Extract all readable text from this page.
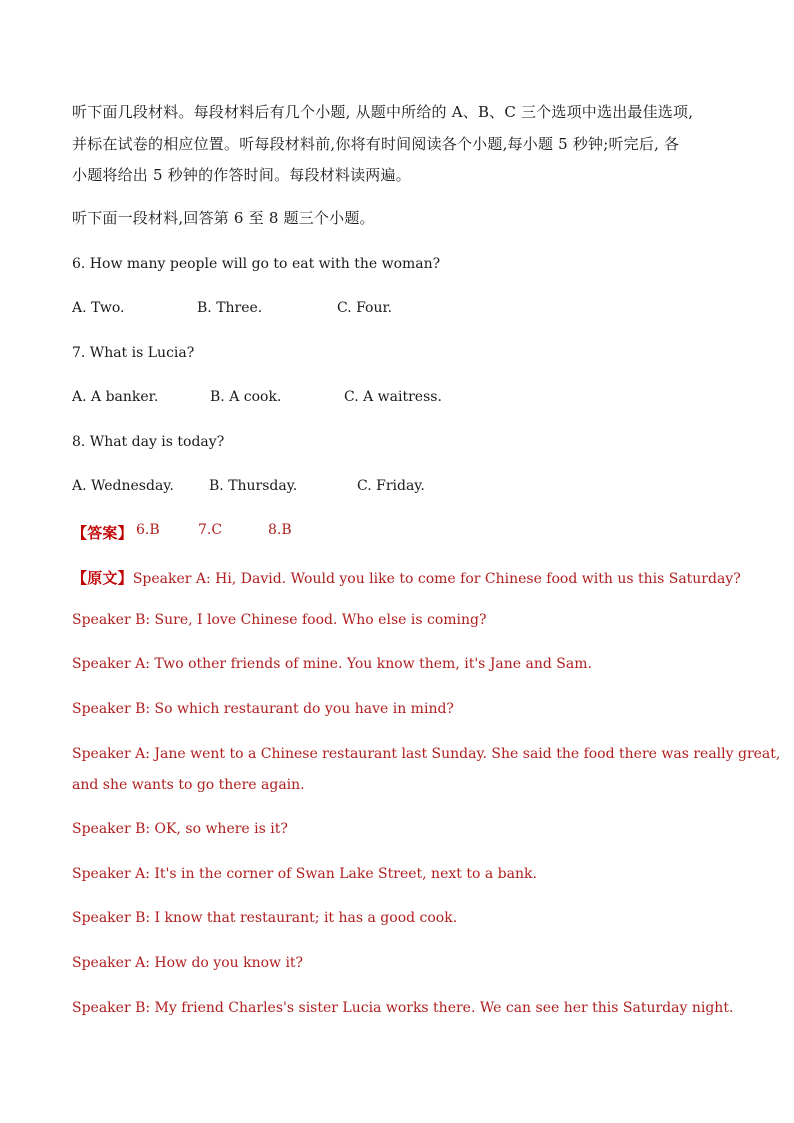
听下面几段材料。每段材料后有几个小题, 从题中所给的 A、B、C 三个选项中选出最佳选项,
并标在试卷的相应位置。听每段材料前,你将有时间阅读各个小题,每小题 5 秒钟;听完后, 各
小题将给出 5 秒钟的作答时间。每段材料读两遍。
听下面一段材料,回答第 6 至 8 题三个小题。
6. How many people will go to eat with the woman?
A. Two.	B. Three.	C. Four.
7. What is Lucia?
A. A banker.	B. A cook.	C. A waitress.
8. What day is today?
A. Wednesday.	B. Thursday.	C. Friday.
【答案】 6.B	7.C	8.B
【原文】Speaker A: Hi, David. Would you like to come for Chinese food with us this Saturday?
Speaker B: Sure, I love Chinese food. Who else is coming?
Speaker A: Two other friends of mine. You know them, it's Jane and Sam.
Speaker B: So which restaurant do you have in mind?
Speaker A: Jane went to a Chinese restaurant last Sunday. She said the food there was really great,
and she wants to go there again.
Speaker B: OK, so where is it?
Speaker A: It's in the corner of Swan Lake Street, next to a bank.
Speaker B: I know that restaurant; it has a good cook.
Speaker A: How do you know it?
Speaker B: My friend Charles's sister Lucia works there. We can see her this Saturday night.
